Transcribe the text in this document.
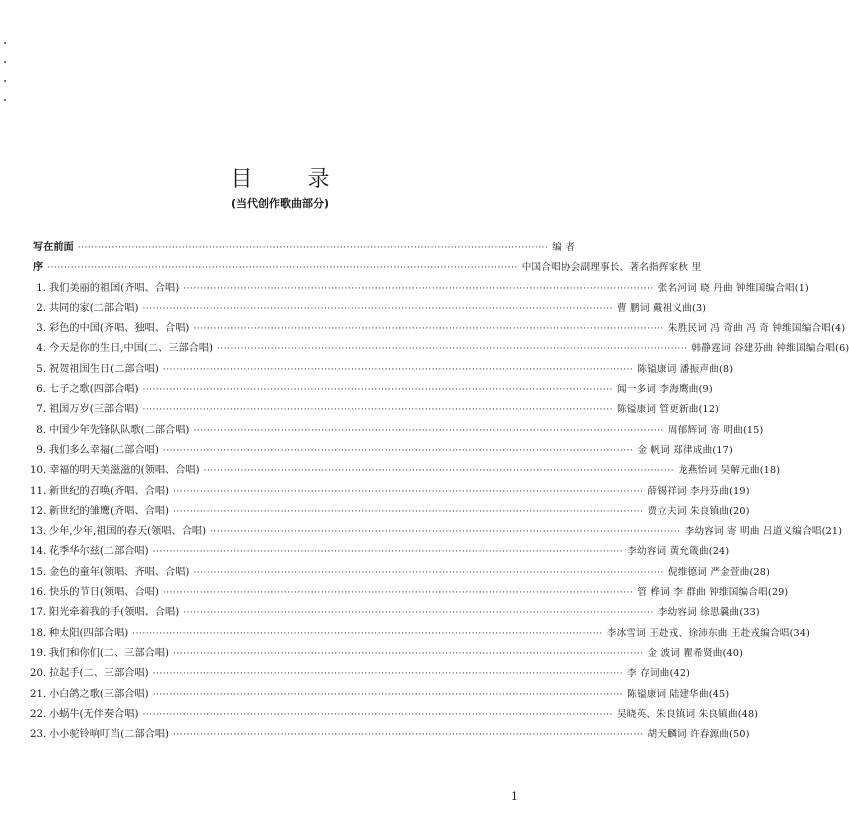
目 录
(当代创作歌曲部分)
写在前面 ············································································································································ 编 者
序 ············································································································································ 中国合唱协会副理事长、著名指挥家秋 里
1. 我们美丽的祖国(齐唱、合唱) ············································································································································ 张名河词 晓 丹曲 钟维国编合唱(1)
2. 共同的家(二部合唱) ············································································································································ 曹 鹏词 戴祖义曲(3)
3. 彩色的中国(齐唱、独唱、合唱) ············································································································································ 朱胜民词 冯 奇曲 冯 奇 钟维国编合唱(4)
4. 今天是你的生日,中国(二、三部合唱) ············································································································································ 韩静霆词 谷建芬曲 钟维国编合唱(6)
5. 祝贺祖国生日(二部合唱) ············································································································································ 陈镒康词 潘振声曲(8)
6. 七子之歌(四部合唱) ············································································································································ 闻一多词 李海鹰曲(9)
7. 祖国万岁(三部合唱) ············································································································································ 陈镒康词 管更新曲(12)
8. 中国少年先锋队队歌(二部合唱) ············································································································································ 周郁辉词 寄 明曲(15)
9. 我们多么幸福(二部合唱) ············································································································································ 金 帆词 郑律成曲(17)
10. 幸福的明天美滋滋的(领唱、合唱) ············································································································································ 龙燕怡词 吴解元曲(18)
11. 新世纪的召唤(齐唱、合唱) ············································································································································ 薛锡祥词 李丹芬曲(19)
12. 新世纪的雏鹰(齐唱、合唱) ············································································································································ 贾立夫词 朱良镇曲(20)
13. 少年,少年,祖国的春天(领唱、合唱) ············································································································································ 李幼容词 寄 明曲 吕道义编合唱(21)
14. 花季华尔兹(二部合唱) ············································································································································ 李幼容词 黄允箴曲(24)
15. 金色的童年(领唱、齐唱、合唱) ············································································································································ 倪维德词 严金萱曲(28)
16. 快乐的节日(领唱、合唱) ············································································································································ 管 桦词 李 群曲 钟维国编合唱(29)
17. 阳光牵着我的手(领唱、合唱) ············································································································································ 李幼容词 徐思曩曲(33)
18. 种太阳(四部合唱) ············································································································································ 李冰雪词 王赴戎、徐沛东曲 王赴戎编合唱(34)
19. 我们和你们(二、三部合唱) ············································································································································ 金 波词 瞿希贤曲(40)
20. 拉起手(二、三部合唱) ············································································································································ 李 存词曲(42)
21. 小白鸽之歌(三部合唱) ············································································································································ 陈镒康词 陆建华曲(45)
22. 小蜗牛(无伴奏合唱) ············································································································································ 吴晓英、朱良镇词 朱良镇曲(48)
23. 小小驼铃响叮当(二部合唱) ············································································································································ 胡天麟词 许春源曲(50)
1
